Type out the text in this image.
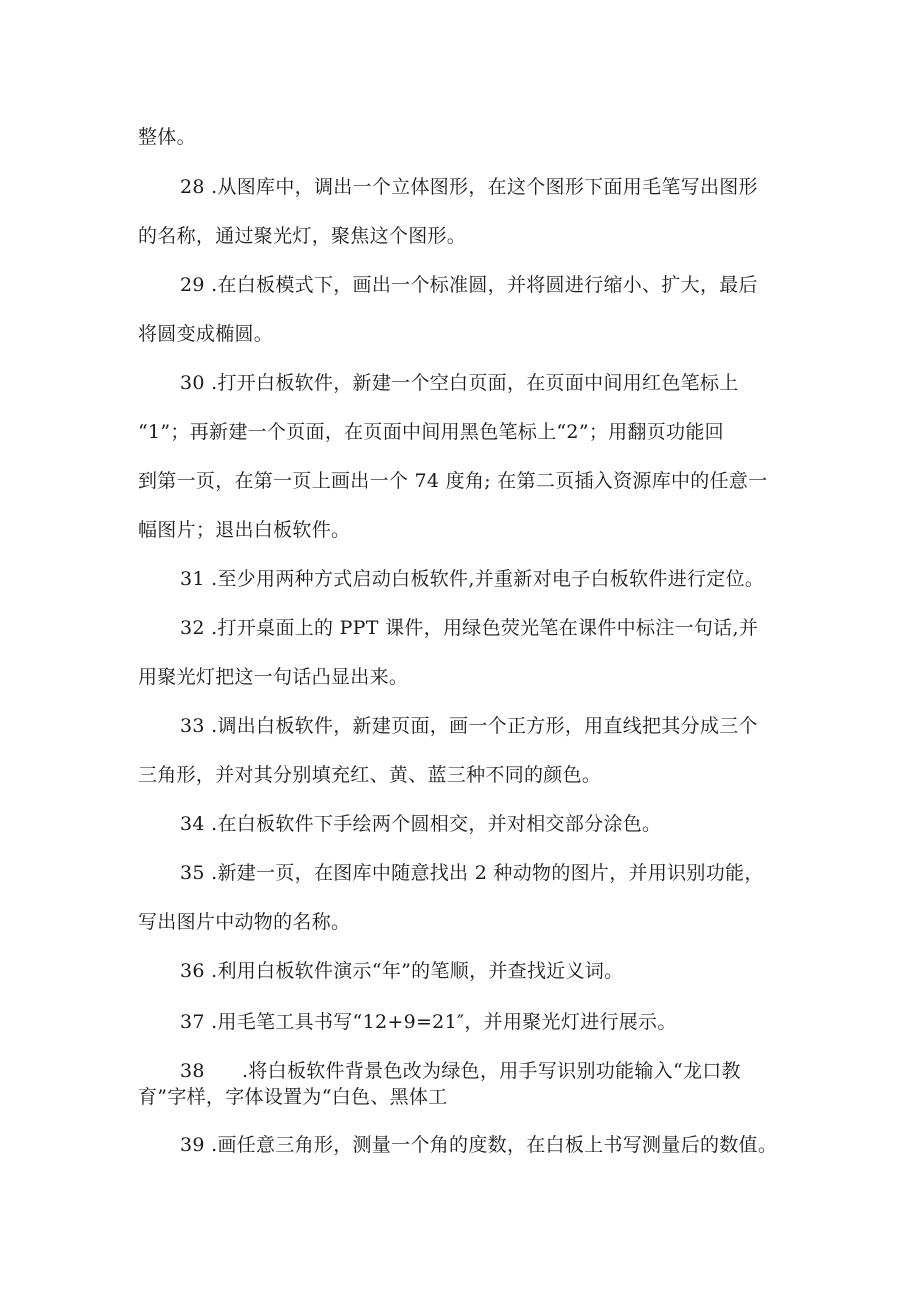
整体。
28 .从图库中，调出一个立体图形，在这个图形下面用毛笔写出图形
的名称，通过聚光灯，聚焦这个图形。
29 .在白板模式下，画出一个标准圆，并将圆进行缩小、扩大，最后
将圆变成椭圆。
30 .打开白板软件，新建一个空白页面，在页面中间用红色笔标上
“1”；再新建一个页面，在页面中间用黑色笔标上“2”；用翻页功能回
到第一页，在第一页上画出一个 74 度角; 在第二页插入资源库中的任意一
幅图片；退出白板软件。
31 .至少用两种方式启动白板软件,并重新对电子白板软件进行定位。
32 .打开桌面上的 PPT 课件，用绿色荧光笔在课件中标注一句话,并
用聚光灯把这一句话凸显出来。
33 .调出白板软件，新建页面，画一个正方形，用直线把其分成三个
三角形，并对其分别填充红、黄、蓝三种不同的颜色。
34 .在白板软件下手绘两个圆相交，并对相交部分涂色。
35 .新建一页，在图库中随意找出 2 种动物的图片，并用识别功能，
写出图片中动物的名称。
36 .利用白板软件演示“年”的笔顺，并查找近义词。
37 .用毛笔工具书写“12+9=21″，并用聚光灯进行展示。
38 .将白板软件背景色改为绿色，用手写识别功能输入“龙口教
育”字样，字体设置为“白色、黑体工
39 .画任意三角形，测量一个角的度数，在白板上书写测量后的数值。
